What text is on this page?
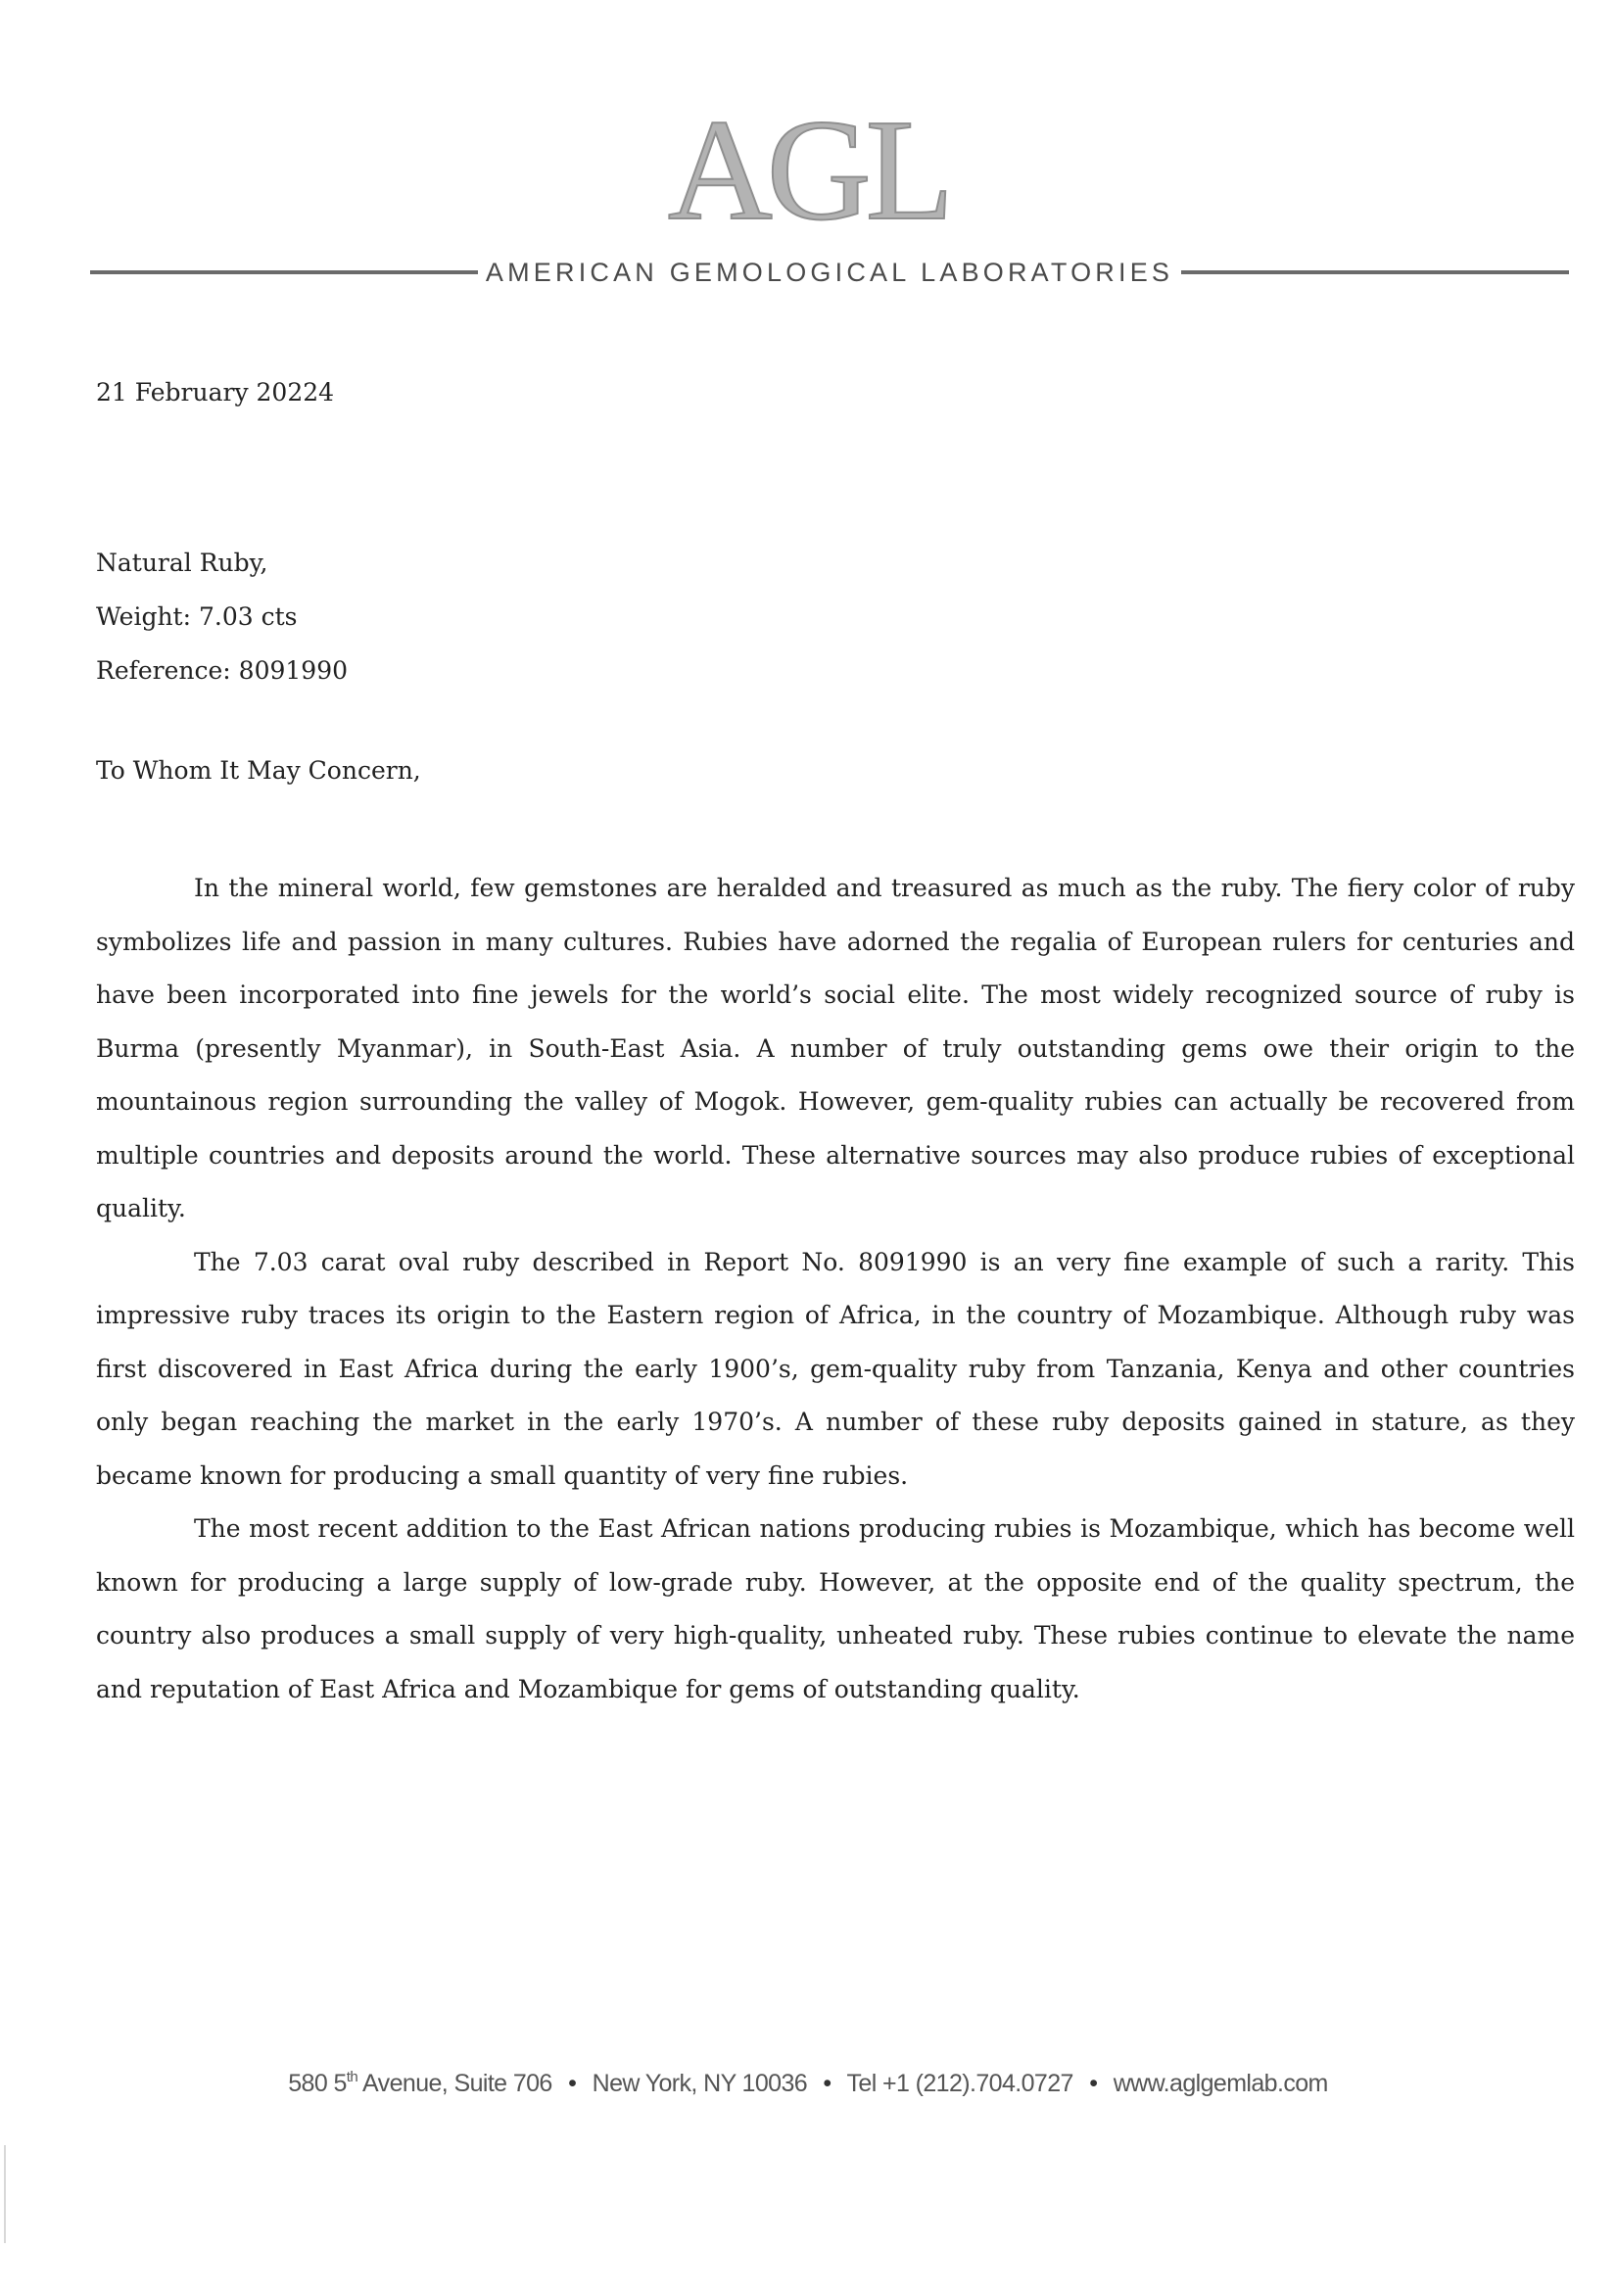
AGL
AMERICAN GEMOLOGICAL LABORATORIES
21 February 20224
Natural Ruby,
Weight: 7.03 cts
Reference: 8091990
To Whom It May Concern,

In the mineral world, few gemstones are heralded and treasured as much as the ruby. The fiery color of ruby symbolizes life and passion in many cultures. Rubies have adorned the regalia of European rulers for centuries and have been incorporated into fine jewels for the world’s social elite. The most widely recognized source of ruby is Burma (presently Myanmar), in South-East Asia. A number of truly outstanding gems owe their origin to the mountainous region surrounding the valley of Mogok. However, gem-quality rubies can actually be recovered from multiple countries and deposits around the world. These alternative sources may also produce rubies of exceptional quality.

The 7.03 carat oval ruby described in Report No. 8091990 is an very fine example of such a rarity. This impressive ruby traces its origin to the Eastern region of Africa, in the country of Mozambique. Although ruby was first discovered in East Africa during the early 1900’s, gem-quality ruby from Tanzania, Kenya and other countries only began reaching the market in the early 1970’s. A number of these ruby deposits gained in stature, as they became known for producing a small quantity of very fine rubies.

The most recent addition to the East African nations producing rubies is Mozambique, which has become well known for producing a large supply of low-grade ruby. However, at the opposite end of the quality spectrum, the country also produces a small supply of very high-quality, unheated ruby. These rubies continue to elevate the name and reputation of East Africa and Mozambique for gems of outstanding quality.

580 5th Avenue, Suite 706 • New York, NY 10036 • Tel +1 (212).704.0727 • www.aglgemlab.com
